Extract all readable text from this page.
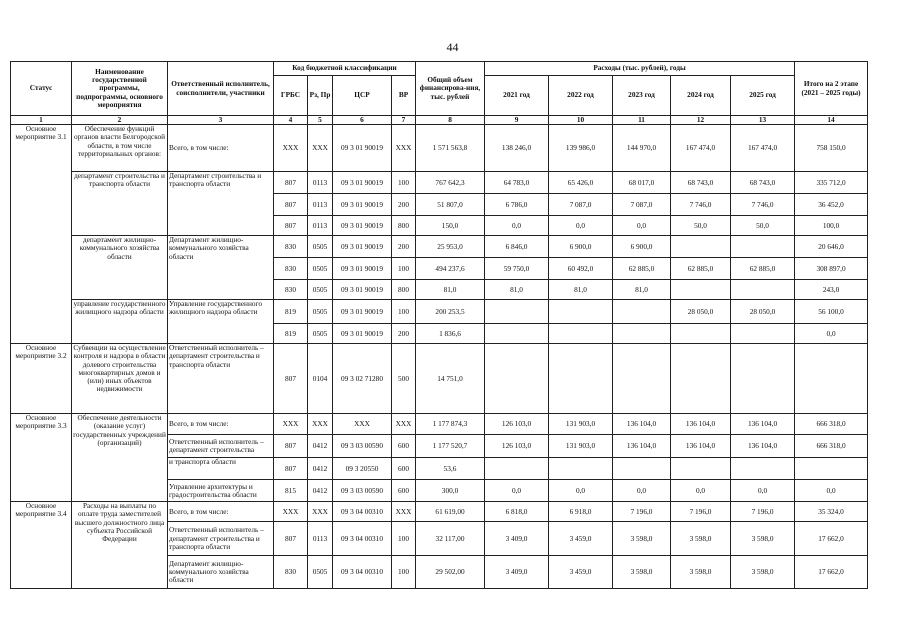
44
Статус	Наименование государственной программы, подпрограммы, основного мероприятия	Ответственный исполнитель, соисполнители, участники	Код бюджетной классификации				Общий объем финансирова-ния, тыс. рублей	Расходы (тыс. рублей), годы					Итого на 2 этапе (2021 – 2025 годы)
			ГРБС	Рз, Пр	ЦСР	ВР		2021 год	2022 год	2023 год	2024 год	2025 год	
1	2	3	4	5	6	7	8	9	10	11	12	13	14
Основное мероприятие 3.1	Обеспечение функций органов власти Белгородской области, в том числе территориальных органов:	Всего, в том числе:	ХХХ	ХХХ	09 3 01 90019	ХХХ	1 571 563,8	138 246,0	139 986,0	144 970,0	167 474,0	167 474,0	758 150,0
	департамент строительства и транспорта области	Департамент строительства и транспорта области	807	0113	09 3 01 90019	100	767 642,3	64 783,0	65 426,0	68 017,0	68 743,0	68 743,0	335 712,0
			807	0113	09 3 01 90019	200	51 807,0	6 786,0	7 087,0	7 087,0	7 746,0	7 746,0	36 452,0
			807	0113	09 3 01 90019	800	150,0	0,0	0,0	0,0	50,0	50,0	100,0
	департамент жилищно-коммунального хозяйства области	Департамент жилищно-коммунального хозяйства области	830	0505	09 3 01 90019	200	25 953,0	6 846,0	6 900,0	6 900,0			20 646,0
			830	0505	09 3 01 90019	100	494 237,6	59 750,0	60 492,0	62 885,0	62 885,0	62 885,0	308 897,0
			830	0505	09 3 01 90019	800	81,0	81,0	81,0	81,0			243,0
	управление государственного жилищного надзора области	Управление государственного жилищного надзора области	819	0505	09 3 01 90019	100	200 253,5				28 050,0	28 050,0	56 100,0
			819	0505	09 3 01 90019	200	1 836,6						0,0
Основное мероприятие 3.2	Субвенции на осуществление контроля и надзора в области долевого строительства многоквартирных домов и (или) иных объектов недвижимости	Ответственный исполнитель – департамент строительства и транспорта области	807	0104	09 3 02 71280	500	14 751,0						
Основное мероприятие 3.3	Обеспечение деятельности (оказание услуг) государственных учреждений (организаций)	Всего, в том числе:	ХХХ	ХХХ	ХХХ	ХХХ	1 177 874,3	126 103,0	131 903,0	136 104,0	136 104,0	136 104,0	666 318,0
		Ответственный исполнитель – департамент строительства	807	0412	09 3 03 00590	600	1 177 520,7	126 103,0	131 903,0	136 104,0	136 104,0	136 104,0	666 318,0
		и транспорта области	807	0412	09 3 20550	600	53,6						
		Управление архитектуры и градостроительства области	815	0412	09 3 03 00590	600	300,0	0,0	0,0	0,0	0,0	0,0	0,0
Основное мероприятие 3.4	Расходы на выплаты по оплате труда заместителей высшего должностного лица субъекта Российской Федерации	Всего, в том числе:	ХХХ	ХХХ	09 3 04 00310	ХХХ	61 619,00	6 818,0	6 918,0	7 196,0	7 196,0	7 196,0	35 324,0
		Ответственный исполнитель – департамент строительства и транспорта области	807	0113	09 3 04 00310	100	32 117,00	3 409,0	3 459,0	3 598,0	3 598,0	3 598,0	17 662,0
		Департамент жилищно-коммунального хозяйства области	830	0505	09 3 04 00310	100	29 502,00	3 409,0	3 459,0	3 598,0	3 598,0	3 598,0	17 662,0
